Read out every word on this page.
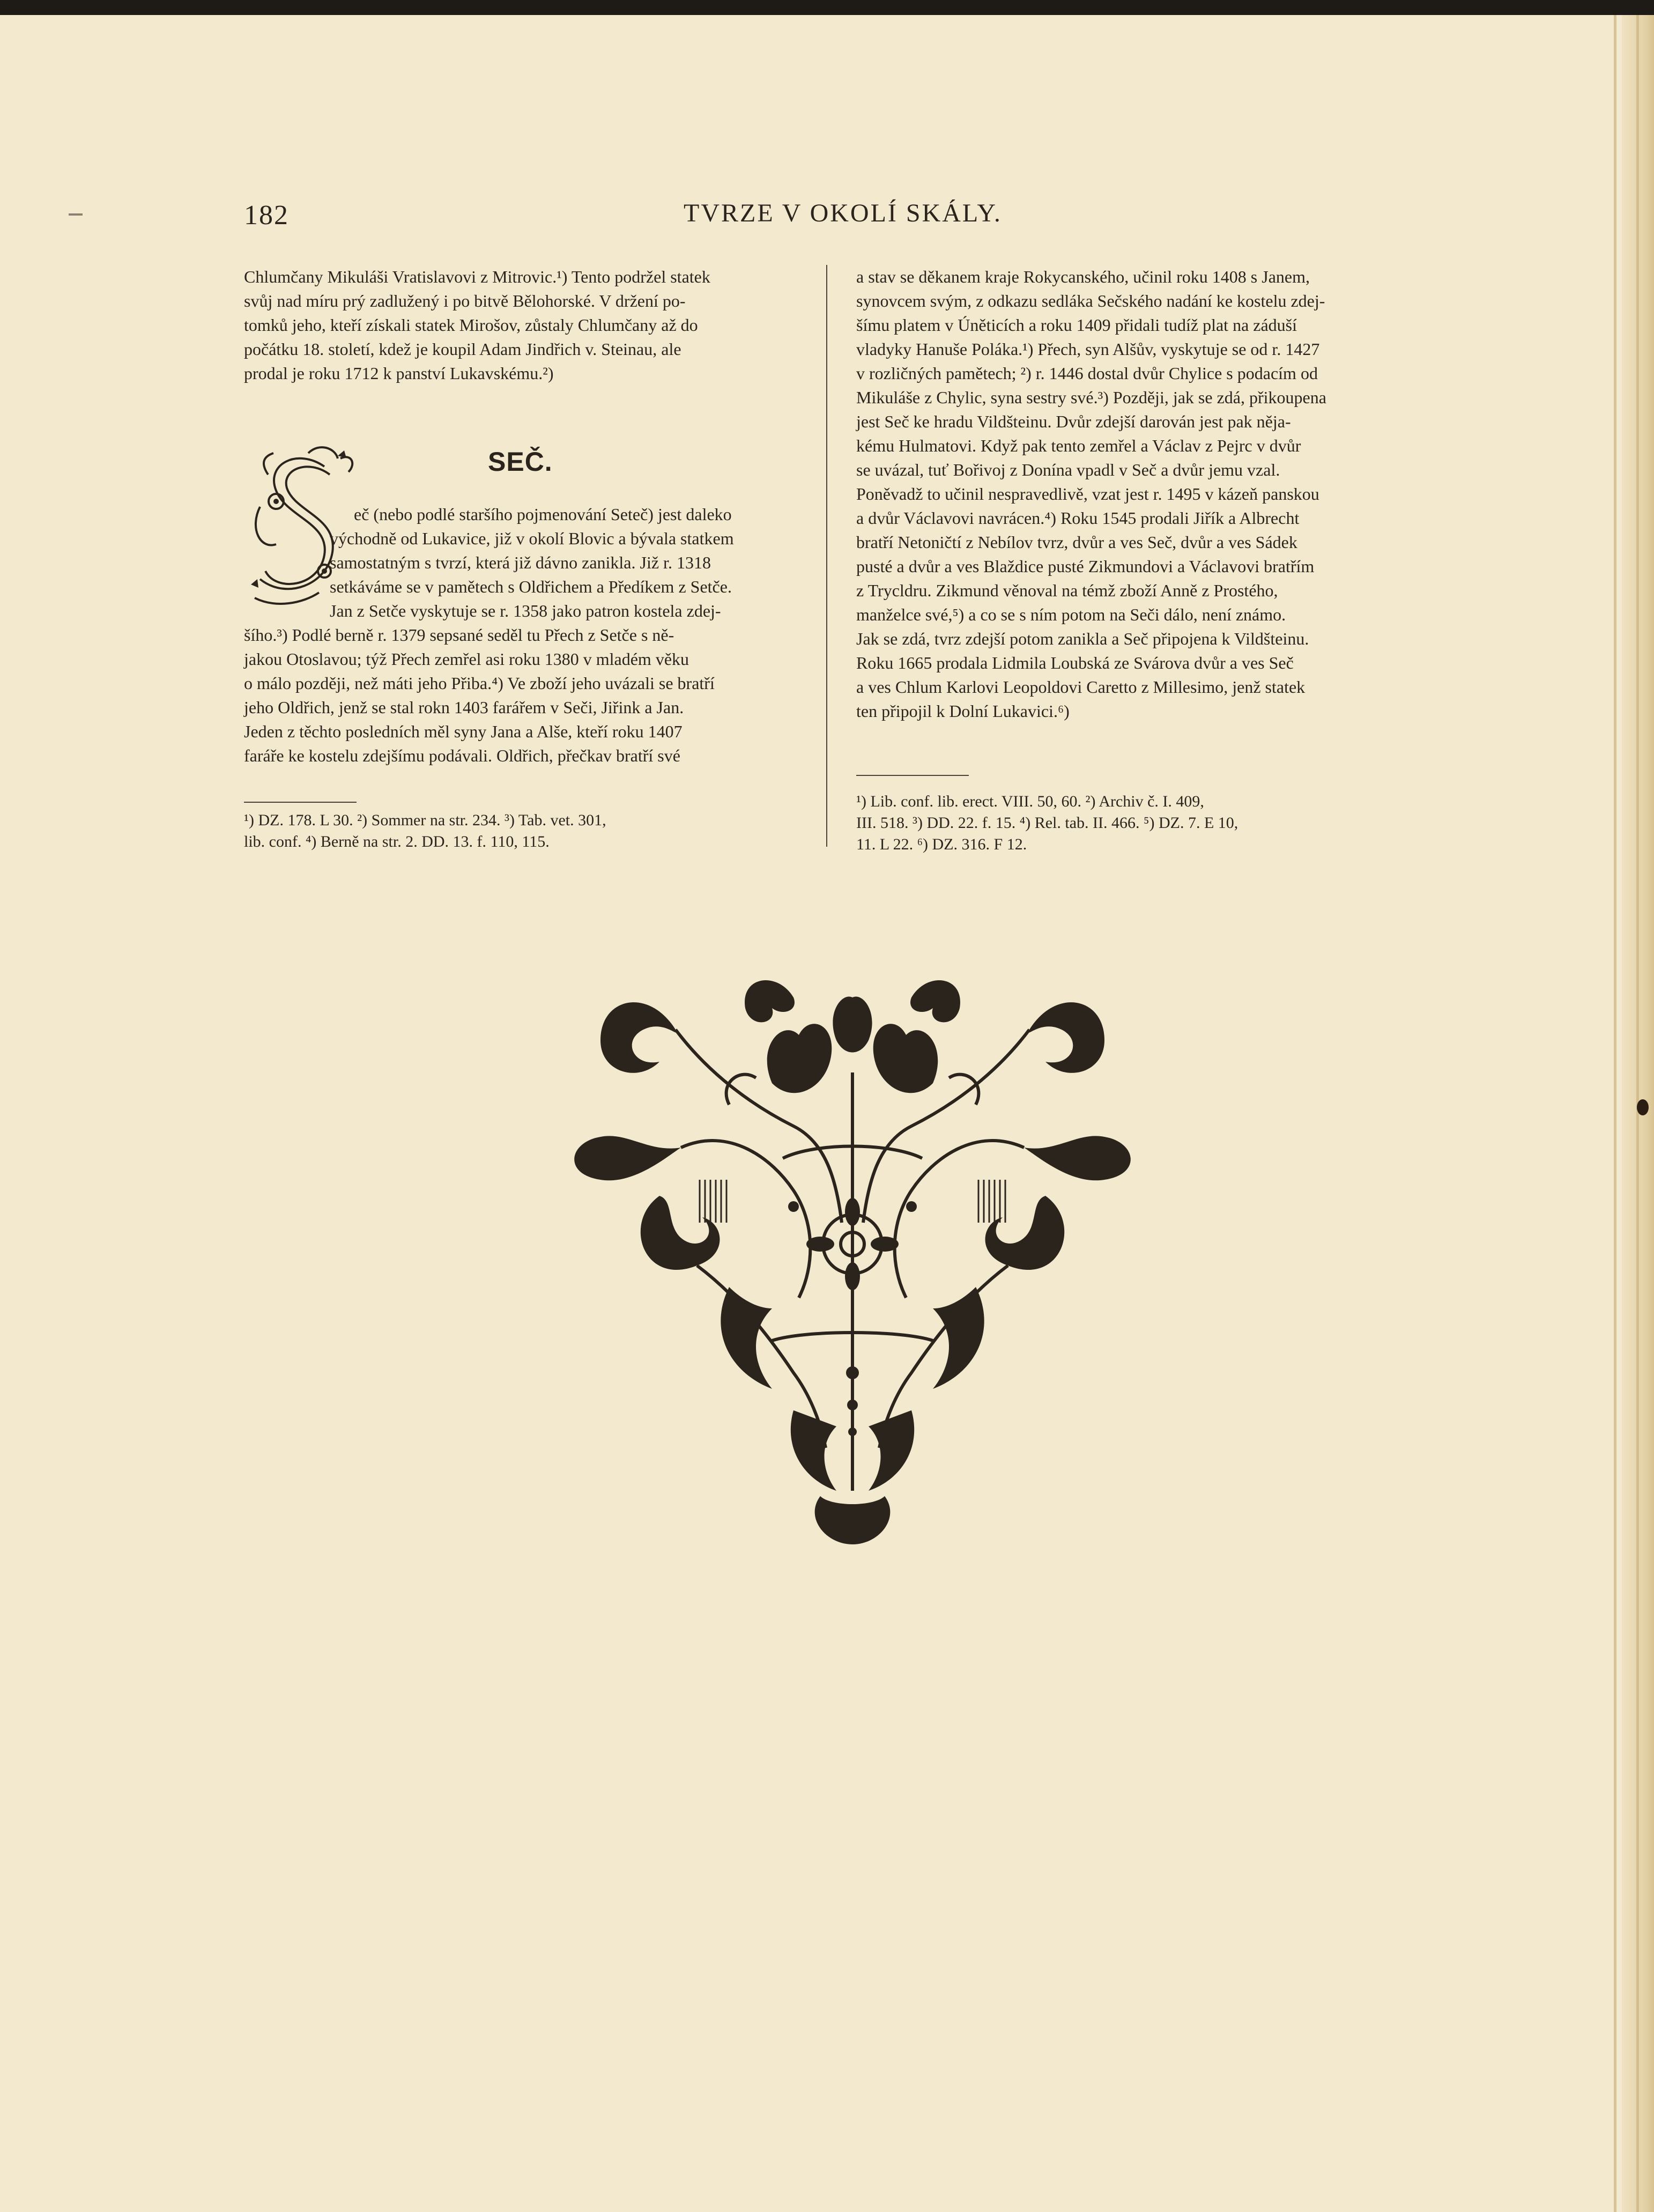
182	TVRZE V OKOLÍ SKÁLY.

Chlumčany Mikuláši Vratislavovi z Mitrovic.¹) Tento podržel statek

svůj nad míru prý zadlužený i po bitvě Bělohorské. V držení po-

tomků jeho, kteří získali statek Mirošov, zůstaly Chlumčany až do

počátku 18. století, kdež je koupil Adam Jindřich v. Steinau, ale

prodal je roku 1712 k panství Lukavskému.²)

SEČ.

eč (nebo podlé staršího pojmenování Seteč) jest daleko

východně od Lukavice, již v okolí Blovic a bývala statkem

samostatným s tvrzí, která již dávno zanikla. Již r. 1318

setkáváme se v pamětech s Oldřichem a Předíkem z Setče.

Jan z Setče vyskytuje se r. 1358 jako patron kostela zdej-

šího.³) Podlé berně r. 1379 sepsané seděl tu Přech z Setče s ně-

jakou Otoslavou; týž Přech zemřel asi roku 1380 v mladém věku

o málo později, než máti jeho Přiba.⁴) Ve zboží jeho uvázali se bratří

jeho Oldřich, jenž se stal rokn 1403 farářem v Seči, Jiřink a Jan.

Jeden z těchto posledních měl syny Jana a Alše, kteří roku 1407

faráře ke kostelu zdejšímu podávali. Oldřich, přečkav bratří své

¹) DZ. 178. L 30. ²) Sommer na str. 234. ³) Tab. vet. 301,
lib. conf. ⁴) Berně na str. 2. DD. 13. f. 110, 115.

a stav se děkanem kraje Rokycanského, učinil roku 1408 s Janem,

synovcem svým, z odkazu sedláka Sečského nadání ke kostelu zdej-

šímu platem v Úněticích a roku 1409 přidali tudíž plat na záduší

vladyky Hanuše Poláka.¹) Přech, syn Alšův, vyskytuje se od r. 1427

v rozličných pamětech; ²) r. 1446 dostal dvůr Chylice s podacím od

Mikuláše z Chylic, syna sestry své.³) Později, jak se zdá, přikoupena

jest Seč ke hradu Vildšteinu. Dvůr zdejší darován jest pak něja-

kému Hulmatovi. Když pak tento zemřel a Václav z Pejrc v dvůr

se uvázal, tuť Bořivoj z Donína vpadl v Seč a dvůr jemu vzal.

Poněvadž to učinil nespravedlivě, vzat jest r. 1495 v kázeň panskou

a dvůr Václavovi navrácen.⁴) Roku 1545 prodali Jiřík a Albrecht

bratří Netoničtí z Nebílov tvrz, dvůr a ves Seč, dvůr a ves Sádek

pusté a dvůr a ves Blaždice pusté Zikmundovi a Václavovi bratřím

z Trycldru. Zikmund věnoval na témž zboží Anně z Prostého,

manželce své,⁵) a co se s ním potom na Seči dálo, není známo.

Jak se zdá, tvrz zdejší potom zanikla a Seč připojena k Vildšteinu.

Roku 1665 prodala Lidmila Loubská ze Svárova dvůr a ves Seč

a ves Chlum Karlovi Leopoldovi Caretto z Millesimo, jenž statek

ten připojil k Dolní Lukavici.⁶)

¹) Lib. conf. lib. erect. VIII. 50, 60. ²) Archiv č. I. 409,
III. 518. ³) DD. 22. f. 15. ⁴) Rel. tab. II. 466. ⁵) DZ. 7. E 10,
11. L 22. ⁶) DZ. 316. F 12.
